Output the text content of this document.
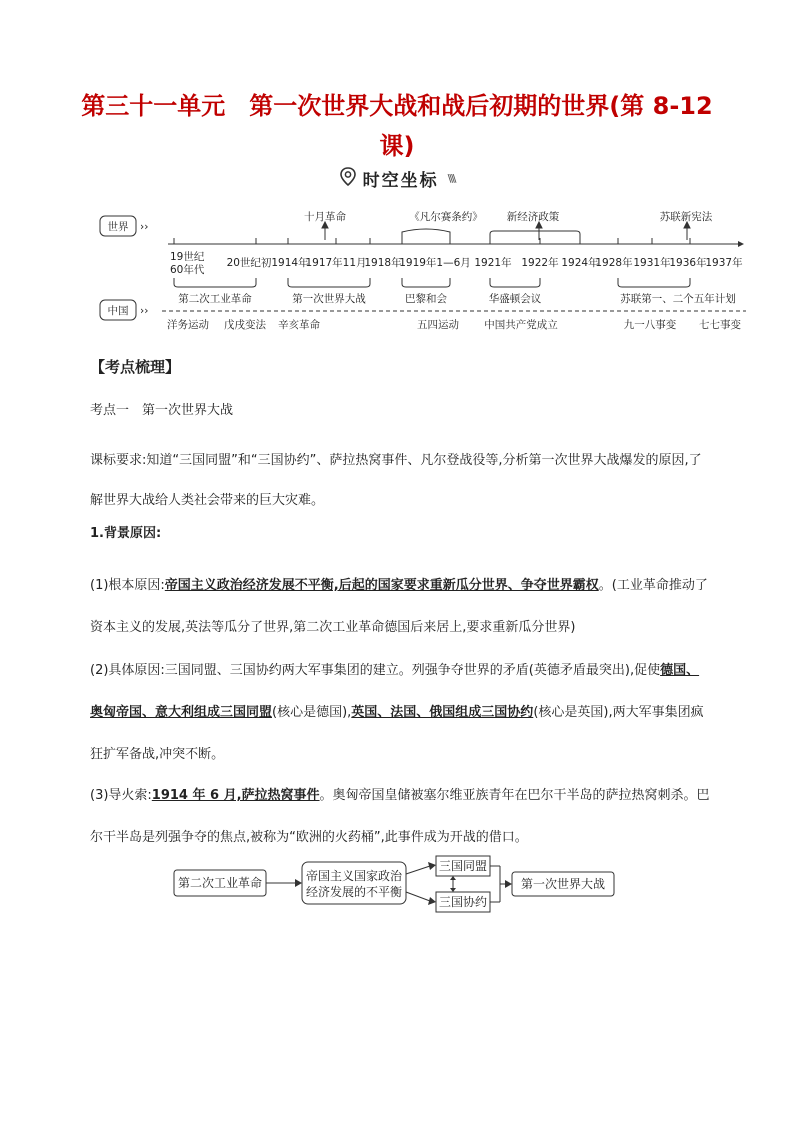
第三十一单元　第一次世界大战和战后初期的世界(第 8-12 课)
时空坐标 \\\\
世界 ››
中国 ››
十月革命	《凡尔赛条约》 新经济政策	苏联新宪法
19世纪
60年代
20世纪初 1914年
1917年11月
1918年
1919年1—6月 1921年 1922年 1924年
1928年 1931年
1936年
1937年
第二次工业革命	第一次世界大战	巴黎和会	华盛顿会议	苏联第一、二个五年计划
洋务运动 戊戌变法 辛亥革命	五四运动 中国共产党成立	九一八事变 七七事变
【考点梳理】
考点一　第一次世界大战
课标要求:知道“三国同盟”和“三国协约”、萨拉热窝事件、凡尔登战役等,分析第一次世界大战爆发的原因,了解世界大战给人类社会带来的巨大灾难。
1.背景原因:
(1)根本原因:帝国主义政治经济发展不平衡,后起的国家要求重新瓜分世界、争夺世界霸权。(工业革命推动了资本主义的发展,英法等瓜分了世界,第二次工业革命德国后来居上,要求重新瓜分世界)
(2)具体原因:三国同盟、三国协约两大军事集团的建立。列强争夺世界的矛盾(英德矛盾最突出),促使德国、奥匈帝国、意大利组成三国同盟(核心是德国),英国、法国、俄国组成三国协约(核心是英国),两大军事集团疯狂扩军备战,冲突不断。
(3)导火索:1914 年 6 月,萨拉热窝事件。奥匈帝国皇储被塞尔维亚族青年在巴尔干半岛的萨拉热窝刺杀。巴尔干半岛是列强争夺的焦点,被称为“欧洲的火药桶”,此事件成为开战的借口。
第二次工业革命	帝国主义国家政治
经济发展的不平衡
三国同盟
三国协约
第一次世界大战
